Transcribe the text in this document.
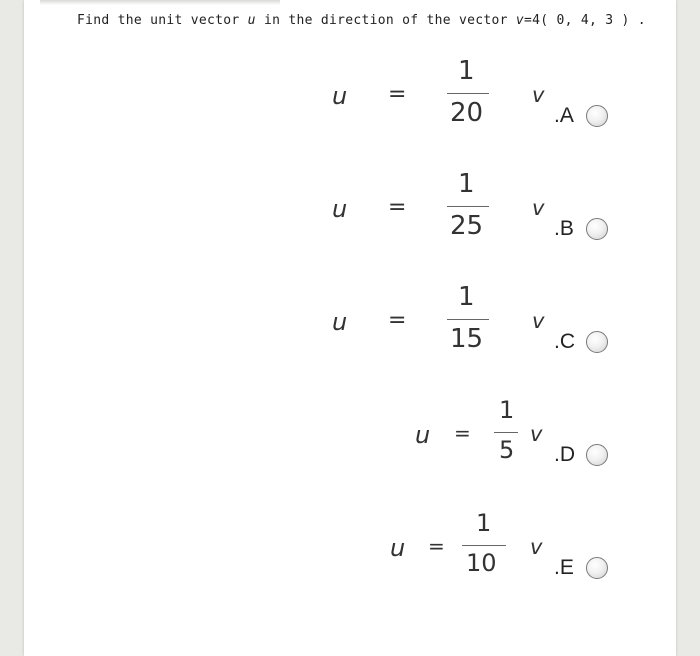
Find the unit vector u in the direction of the vector v=4( 0, 4, 3 ) .
u =
1
20
v
.A
u =
1
25
v
.B
u =
1
15
v
.C
u =
1
5
v
.D
u =
1
10
v
.E
